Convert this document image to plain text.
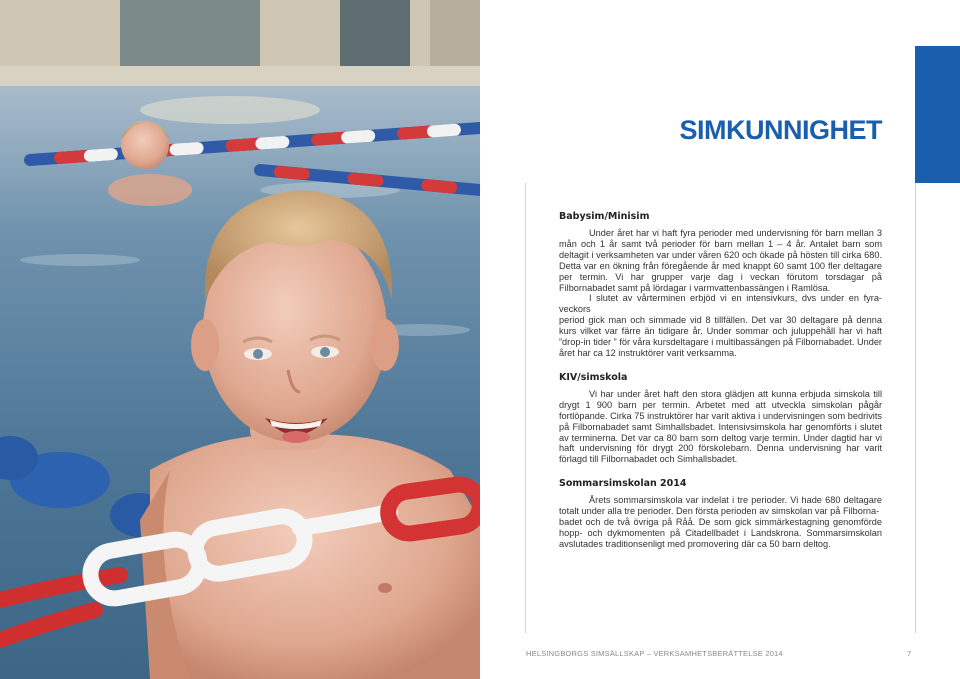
SIMKUNNIGHET
Babysim/Minisim

Under året har vi haft fyra perioder med undervisning för barn mellan 3 mån och 1 år samt två perioder för barn mellan 1 – 4 år. Antalet barn som deltagit i verksamheten var under våren 620 och ökade på hösten till cirka 680. Detta var en ökning från föregående år med knappt 60 samt 100 fler deltagare per termin. Vi har grupper varje dag i veckan förutom torsdagar på Filbornabadet samt på lördagar i varmvattenbassängen i Ramlösa.

I slutet av vårterminen erbjöd vi en intensivkurs, dvs under en fyra-veckors

period gick man och simmade vid 8 tillfällen. Det var 30 deltagare på denna kurs vilket var färre än tidigare år. Under sommar och juluppehåll har vi haft ”drop-in tider ” för våra kursdeltagare i multibassängen på Filbornabadet. Under året har ca 12 instruktörer varit verksamma.

KIV/simskola

Vi har under året haft den stora glädjen att kunna erbjuda simskola till drygt 1 900 barn per termin. Arbetet med att utveckla simskolan pågår fortlöpande. Cirka 75 instruktörer har varit aktiva i undervisningen som bedrivits på Filbornabadet samt Simhallsbadet. Intensivsimskola har genomförts i slutet av terminerna. Det var ca 80 barn som deltog varje termin. Under dagtid har vi haft undervisning för drygt 200 förskolebarn. Denna undervisning har varit förlagd till Filbornabadet och Simhallsbadet.

Sommarsimskolan 2014

Årets sommarsimskola var indelat i tre perioder. Vi hade 680 deltagare totalt under alla tre perioder. Den första perioden av simskolan var på Filborna-

badet och de två övriga på Råå. De som gick simmärkestagning genomförde hopp- och dykmomenten på Citadellbadet i Landskrona. Sommarsimskolan avslutades traditionsenligt med promovering där ca 50 barn deltog.

HELSINGBORGS SIMSÄLLSKAP – VERKSAMHETSBERÄTTELSE 2014	7
